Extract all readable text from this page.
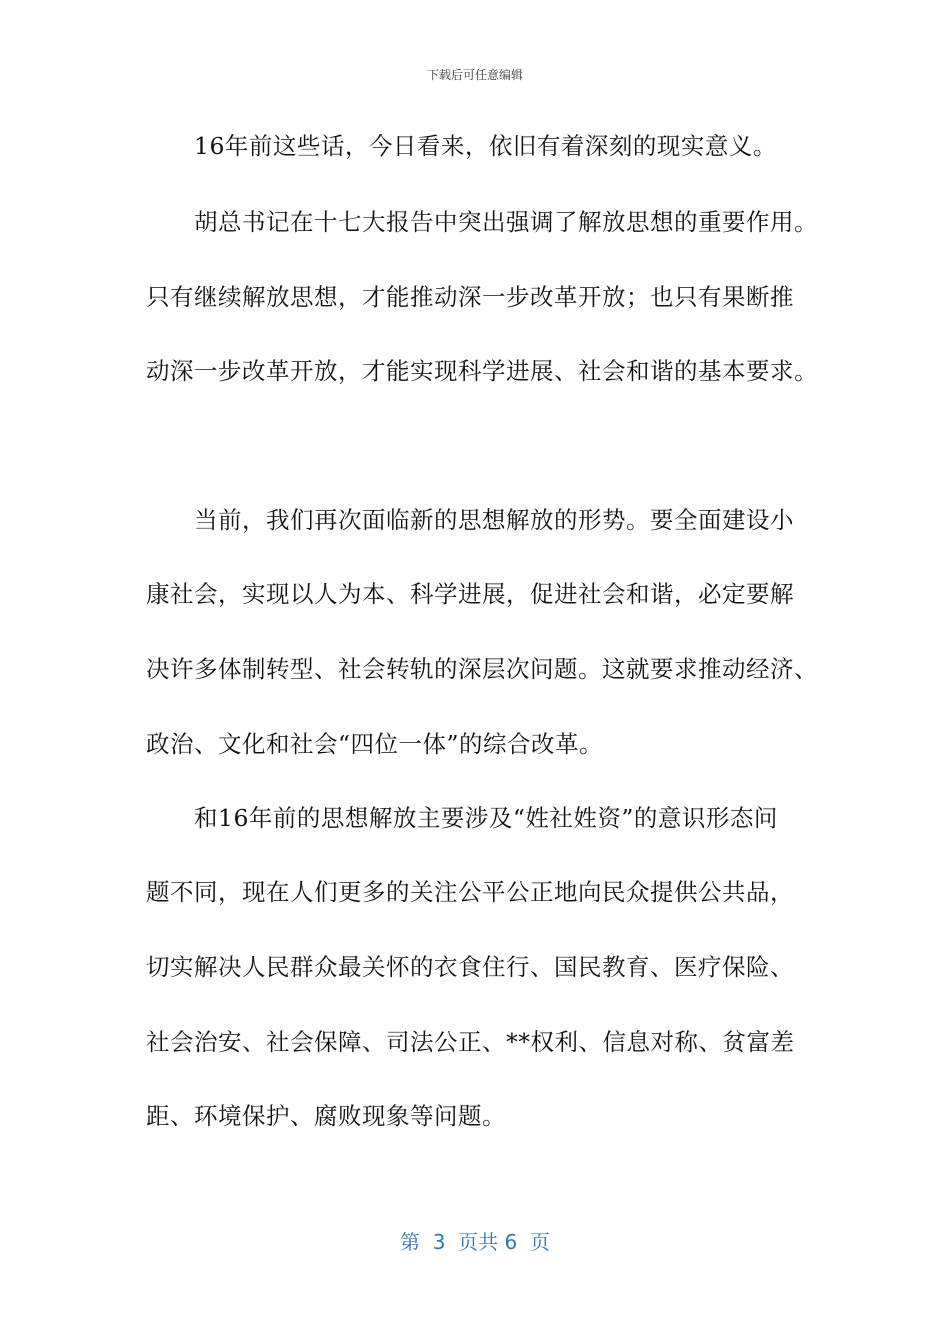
下载后可任意编辑
　　16年前这些话，今日看来，依旧有着深刻的现实意义。
　　胡总书记在十七大报告中突出强调了解放思想的重要作用。
只有继续解放思想，才能推动深一步改革开放；也只有果断推
动深一步改革开放，才能实现科学进展、社会和谐的基本要求。
　　当前，我们再次面临新的思想解放的形势。要全面建设小
康社会，实现以人为本、科学进展，促进社会和谐，必定要解
决许多体制转型、社会转轨的深层次问题。这就要求推动经济、
政治、文化和社会“四位一体”的综合改革。
　　和16年前的思想解放主要涉及“姓社姓资”的意识形态问
题不同，现在人们更多的关注公平公正地向民众提供公共品，
切实解决人民群众最关怀的衣食住行、国民教育、医疗保险、
社会治安、社会保障、司法公正、**权利、信息对称、贫富差
距、环境保护、腐败现象等问题。
第  3  页共 6  页
